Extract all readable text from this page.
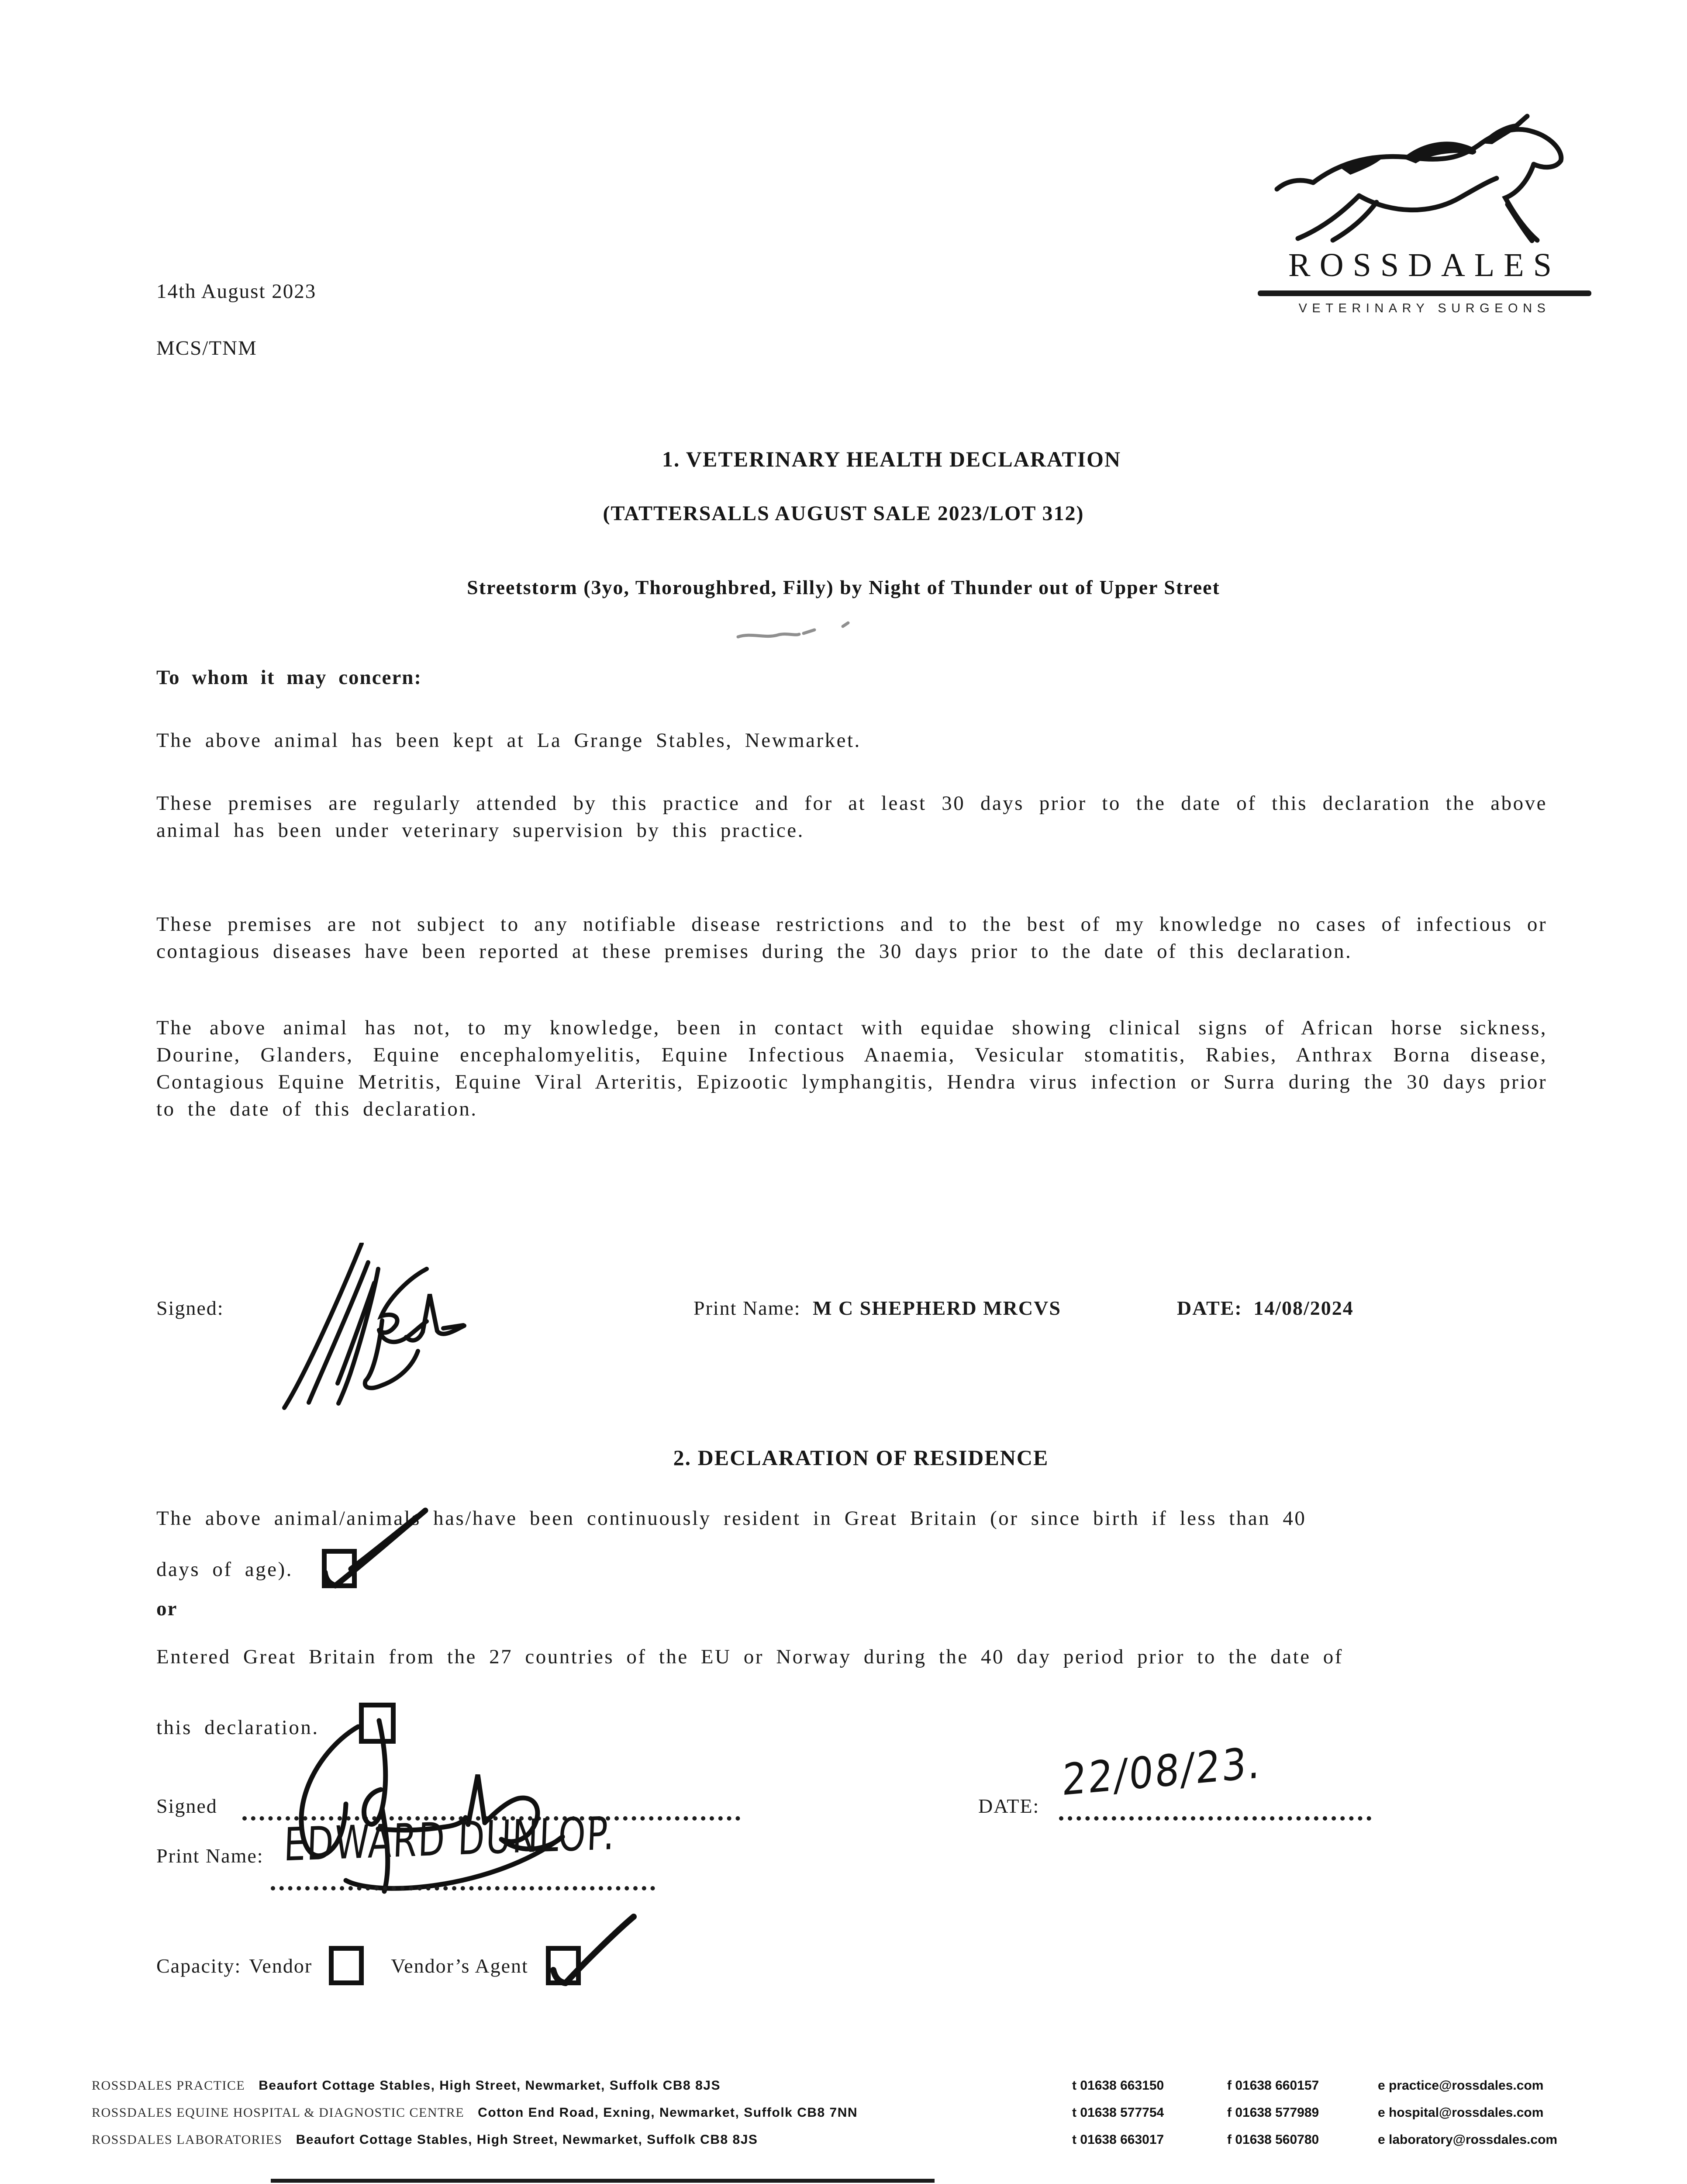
14th August 2023
MCS/TNM
ROSSDALES
VETERINARY SURGEONS
1. VETERINARY HEALTH DECLARATION
(TATTERSALLS AUGUST SALE 2023/LOT 312)
Streetstorm (3yo, Thoroughbred, Filly) by Night of Thunder out of Upper Street
To whom it may concern:
The above animal has been kept at La Grange Stables, Newmarket.
These premises are regularly attended by this practice and for at least 30 days prior to the date of this declaration the above animal has been under veterinary supervision by this practice.
These premises are not subject to any notifiable disease restrictions and to the best of my knowledge no cases of infectious or contagious diseases have been reported at these premises during the 30 days prior to the date of this declaration.
The above animal has not, to my knowledge, been in contact with equidae showing clinical signs of African horse sickness, Dourine, Glanders, Equine encephalomyelitis, Equine Infectious Anaemia, Vesicular stomatitis, Rabies, Anthrax Borna disease, Contagious Equine Metritis, Equine Viral Arteritis, Epizootic lymphangitis, Hendra virus infection or Surra during the 30 days prior to the date of this declaration.
Signed:	Print Name: M C SHEPHERD MRCVS	DATE: 14/08/2024
2. DECLARATION OF RESIDENCE
The above animal/animals has/have been continuously resident in Great Britain (or since birth if less than 40
days of age).
or
Entered Great Britain from the 27 countries of the EU or Norway during the 40 day period prior to the date of
this declaration.
Signed	DATE:
22/08/23.
Print Name: EDWARD DUNLOP.
Capacity: Vendor	Vendor’s Agent
ROSSDALES PRACTICE Beaufort Cottage Stables, High Street, Newmarket, Suffolk CB8 8JS	t 01638 663150	f 01638 660157	e practice@rossdales.com
ROSSDALES EQUINE HOSPITAL & DIAGNOSTIC CENTRE Cotton End Road, Exning, Newmarket, Suffolk CB8 7NN	t 01638 577754	f 01638 577989	e hospital@rossdales.com
ROSSDALES LABORATORIES Beaufort Cottage Stables, High Street, Newmarket, Suffolk CB8 8JS	t 01638 663017	f 01638 560780	e laboratory@rossdales.com
